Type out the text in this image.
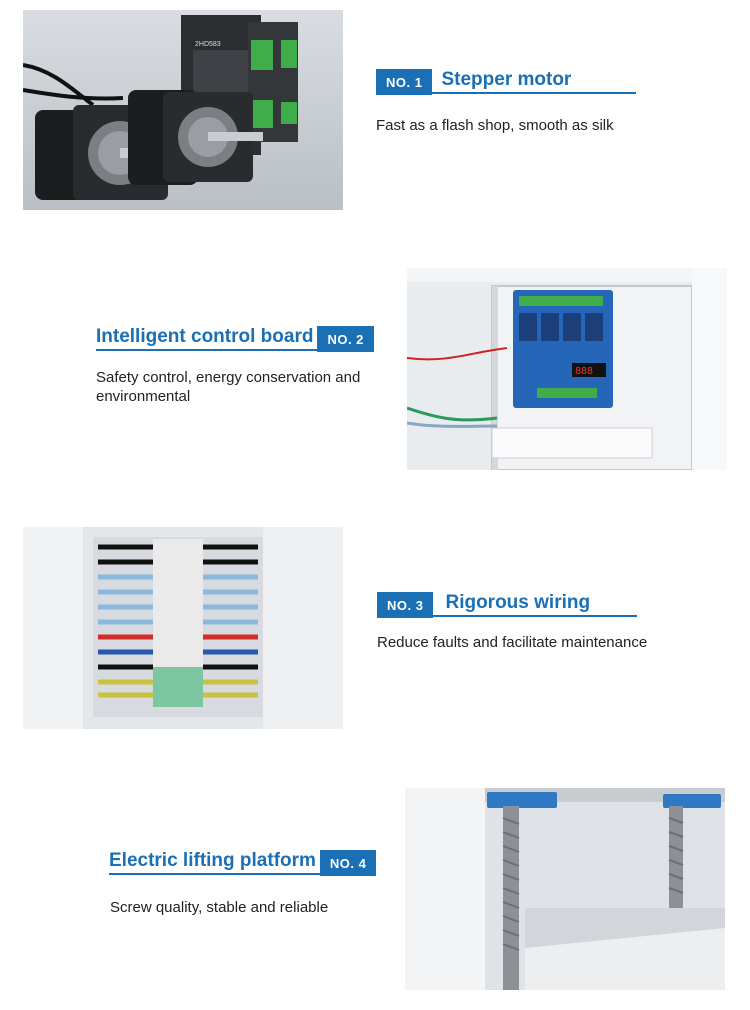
2HD583
NO. 1	Stepper motor
Fast as a flash shop, smooth as silk
Intelligent control board	NO. 2
Safety control, energy conservation and environmental
888
NO. 3	Rigorous wiring
Reduce faults and facilitate maintenance
Electric lifting platform	NO. 4
Screw quality, stable and reliable
